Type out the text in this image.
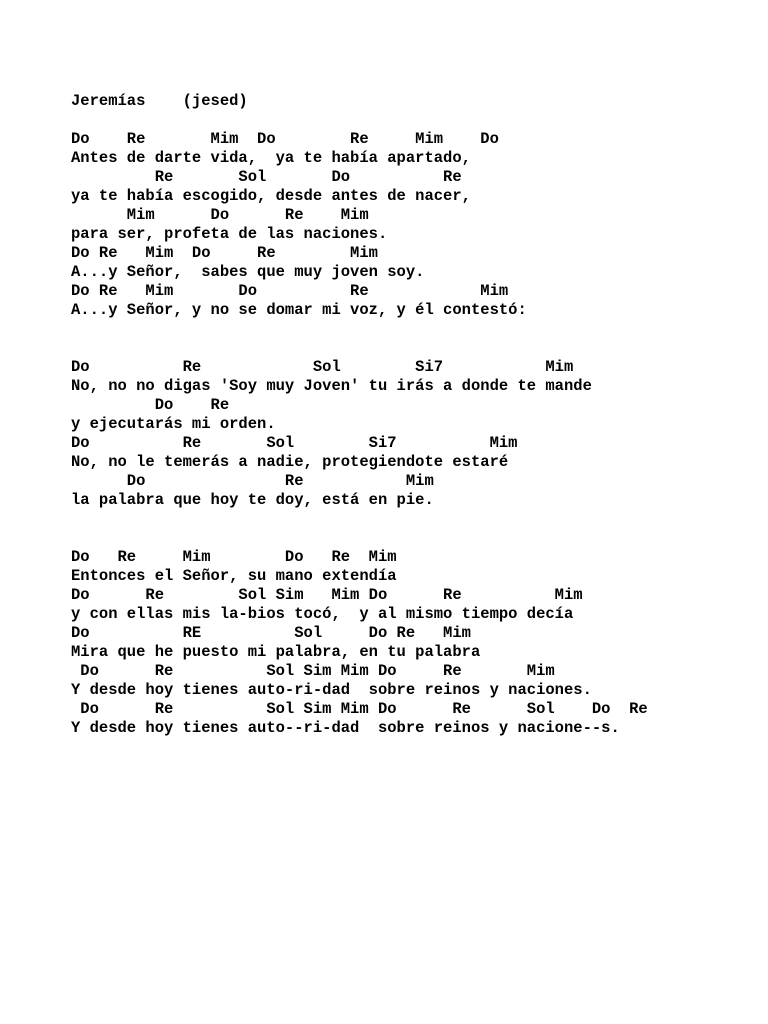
Jeremías    (jesed)
Do    Re       Mim  Do        Re     Mim    Do
Antes de darte vida,  ya te había apartado,
Re       Sol       Do          Re
ya te había escogido, desde antes de nacer,
Mim      Do      Re    Mim
para ser, profeta de las naciones.
Do Re   Mim  Do     Re        Mim
A...y Señor,  sabes que muy joven soy.
Do Re   Mim       Do          Re            Mim
A...y Señor, y no se domar mi voz, y él contestó:
Do          Re            Sol        Si7           Mim
No, no no digas 'Soy muy Joven' tu irás a donde te mande
Do    Re
y ejecutarás mi orden.
Do          Re       Sol        Si7          Mim
No, no le temerás a nadie, protegiendote estaré
Do               Re           Mim
la palabra que hoy te doy, está en pie.
Do   Re     Mim        Do   Re  Mim
Entonces el Señor, su mano extendía
Do      Re        Sol Sim   Mim Do      Re          Mim
y con ellas mis la-bios tocó,  y al mismo tiempo decía
Do          RE          Sol     Do Re   Mim
Mira que he puesto mi palabra, en tu palabra
Do      Re          Sol Sim Mim Do     Re       Mim
Y desde hoy tienes auto-ri-dad  sobre reinos y naciones.
Do      Re          Sol Sim Mim Do      Re      Sol    Do  Re
Y desde hoy tienes auto--ri-dad  sobre reinos y nacione--s.
